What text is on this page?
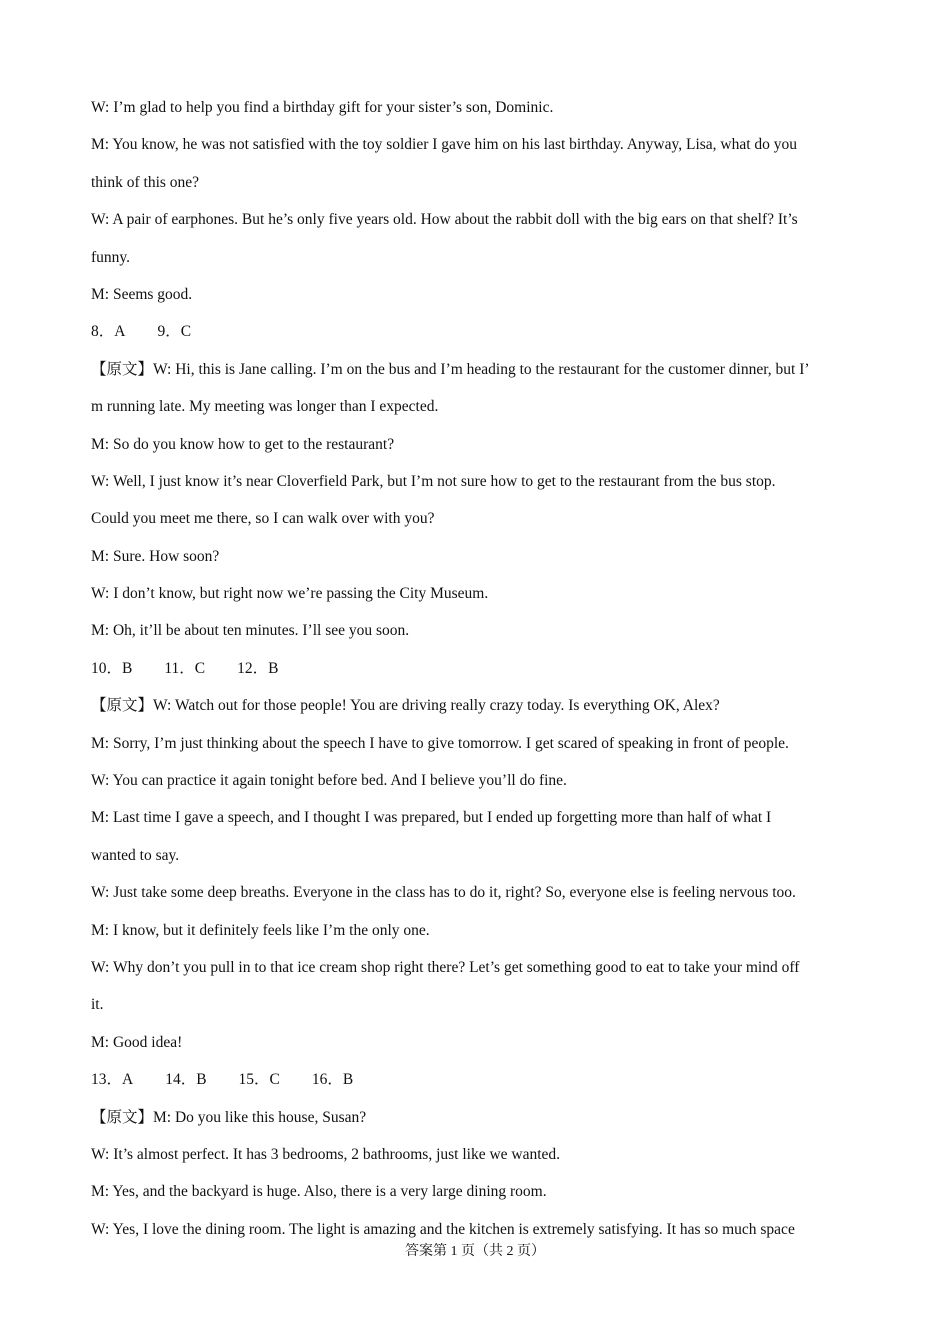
W: I’m glad to help you find a birthday gift for your sister’s son, Dominic.
M: You know, he was not satisfied with the toy soldier I gave him on his last birthday. Anyway, Lisa, what do you
think of this one?
W: A pair of earphones. But he’s only five years old. How about the rabbit doll with the big ears on that shelf? It’s
funny.
M: Seems good.
8．A 9．C
【原文】W: Hi, this is Jane calling. I’m on the bus and I’m heading to the restaurant for the customer dinner, but I’
m running late. My meeting was longer than I expected.
M: So do you know how to get to the restaurant?
W: Well, I just know it’s near Cloverfield Park, but I’m not sure how to get to the restaurant from the bus stop.
Could you meet me there, so I can walk over with you?
M: Sure. How soon?
W: I don’t know, but right now we’re passing the City Museum.
M: Oh, it’ll be about ten minutes. I’ll see you soon.
10．B 11．C 12．B
【原文】W: Watch out for those people! You are driving really crazy today. Is everything OK, Alex?
M: Sorry, I’m just thinking about the speech I have to give tomorrow. I get scared of speaking in front of people.
W: You can practice it again tonight before bed. And I believe you’ll do fine.
M: Last time I gave a speech, and I thought I was prepared, but I ended up forgetting more than half of what I
wanted to say.
W: Just take some deep breaths. Everyone in the class has to do it, right? So, everyone else is feeling nervous too.
M: I know, but it definitely feels like I’m the only one.
W: Why don’t you pull in to that ice cream shop right there? Let’s get something good to eat to take your mind off
it.
M: Good idea!
13．A 14．B 15．C 16．B
【原文】M: Do you like this house, Susan?
W: It’s almost perfect. It has 3 bedrooms, 2 bathrooms, just like we wanted.
M: Yes, and the backyard is huge. Also, there is a very large dining room.
W: Yes, I love the dining room. The light is amazing and the kitchen is extremely satisfying. It has so much space
答案第 1 页（共 2 页）
